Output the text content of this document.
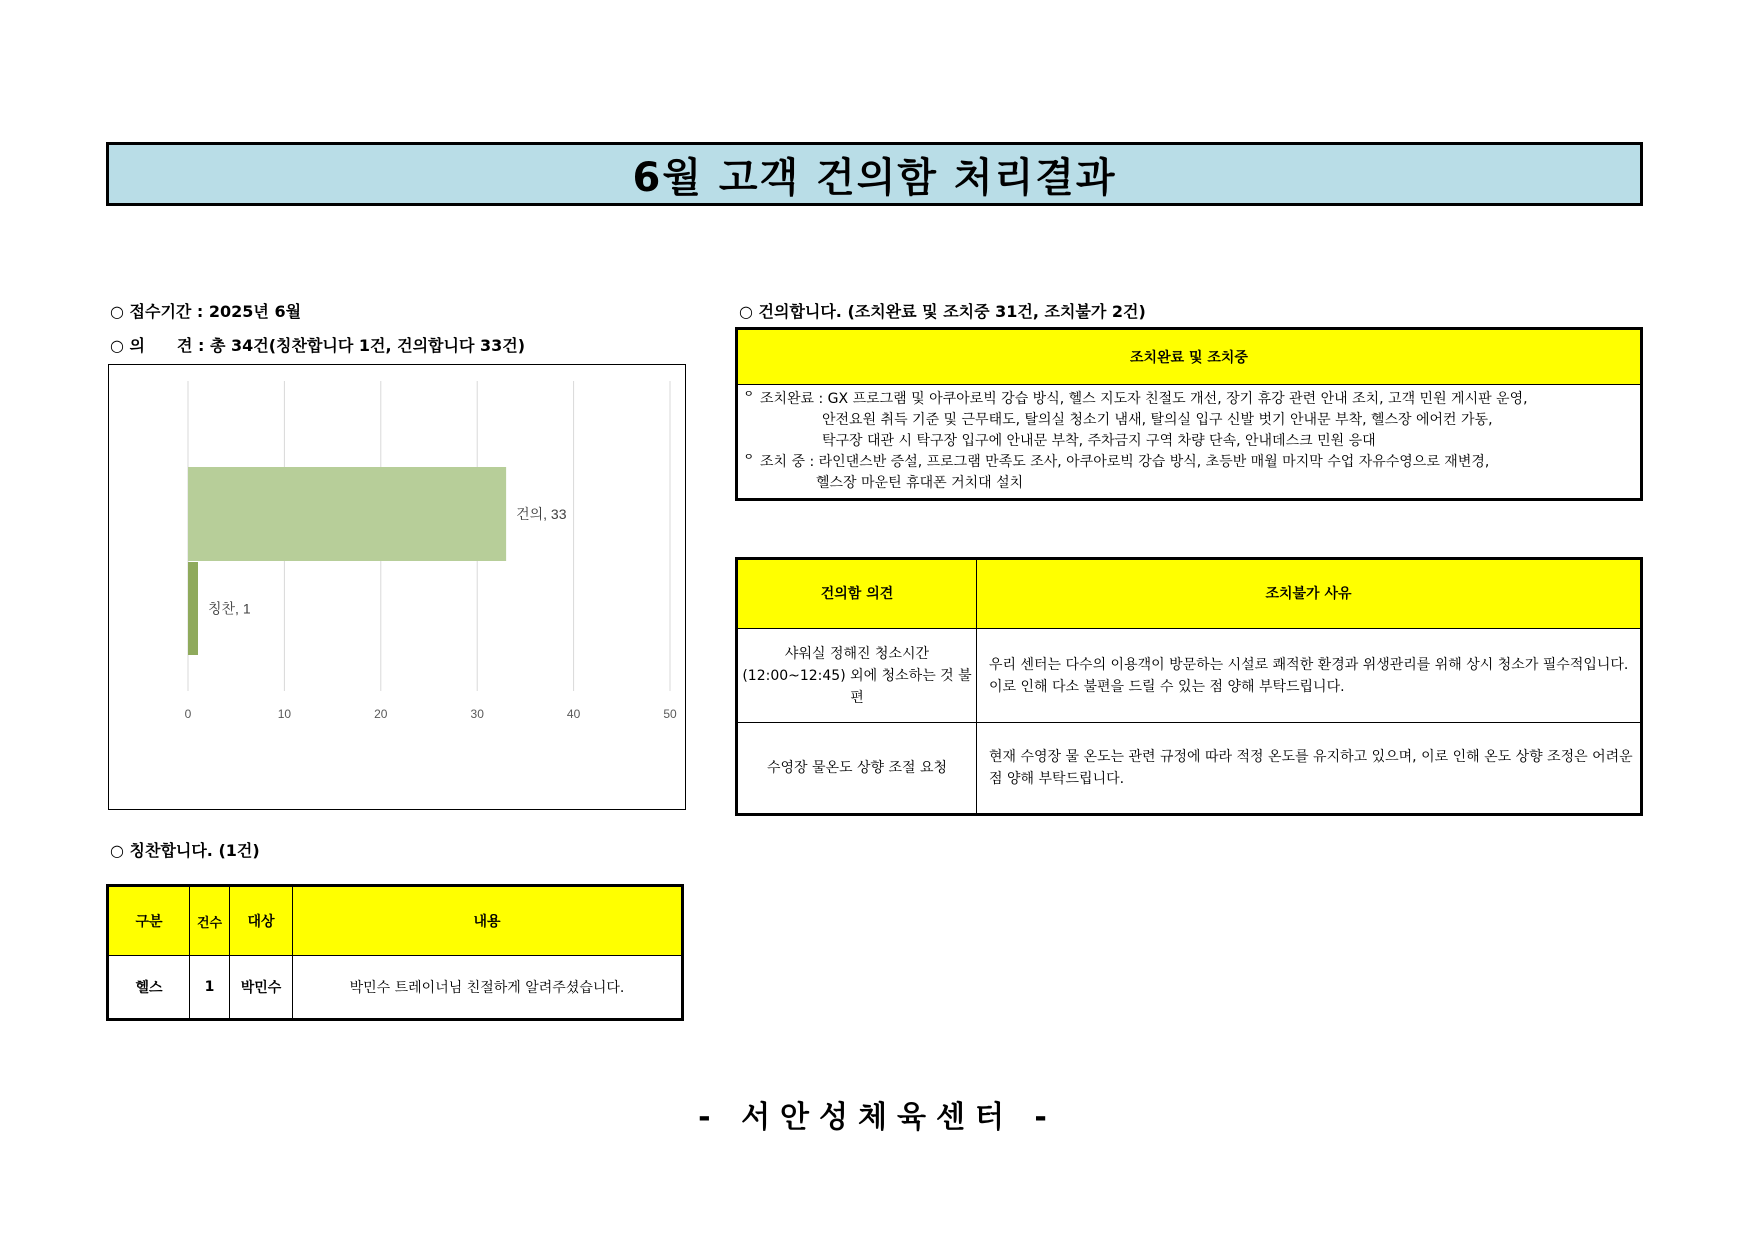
6월 고객 건의함 처리결과
○ 접수기간 : 2025년 6월
○ 의　　견 : 총 34건(칭찬합니다 1건, 건의합니다 33건)
0	10	20	30	40	50
건의, 33
칭찬, 1
○ 건의합니다. (조치완료 및 조치중 31건, 조치불가 2건)
조치완료 및 조치중

ᄋ 조치완료 : GX 프로그램 및 아쿠아로빅 강습 방식, 헬스 지도자 친절도 개선, 장기 휴강 관련 안내 조치, 고객 민원 게시판 운영,
안전요원 취득 기준 및 근무태도, 탈의실 청소기 냄새, 탈의실 입구 신발 벗기 안내문 부착, 헬스장 에어컨 가동,
탁구장 대관 시 탁구장 입구에 안내문 부착, 주차금지 구역 차량 단속, 안내데스크 민원 응대
ᄋ 조치 중 : 라인댄스반 증설, 프로그램 만족도 조사, 아쿠아로빅 강습 방식, 초등반 매월 마지막 수업 자유수영으로 재변경,
헬스장 마운틴 휴대폰 거치대 설치
건의함 의견	조치불가 사유
샤워실 정해진 청소시간 (12:00~12:45) 외에 청소하는 것 불편	우리 센터는 다수의 이용객이 방문하는 시설로 쾌적한 환경과 위생관리를 위해 상시 청소가 필수적입니다. 이로 인해 다소 불편을 드릴 수 있는 점 양해 부탁드립니다.
수영장 물온도 상향 조절 요청	현재 수영장 물 온도는 관련 규정에 따라 적정 온도를 유지하고 있으며, 이로 인해 온도 상향 조정은 어려운 점 양해 부탁드립니다.
○ 칭찬합니다. (1건)
구분	건수	대상	내용
헬스	1	박민수	박민수 트레이너님 친절하게 알려주셨습니다.
- 서안성체육센터 -
